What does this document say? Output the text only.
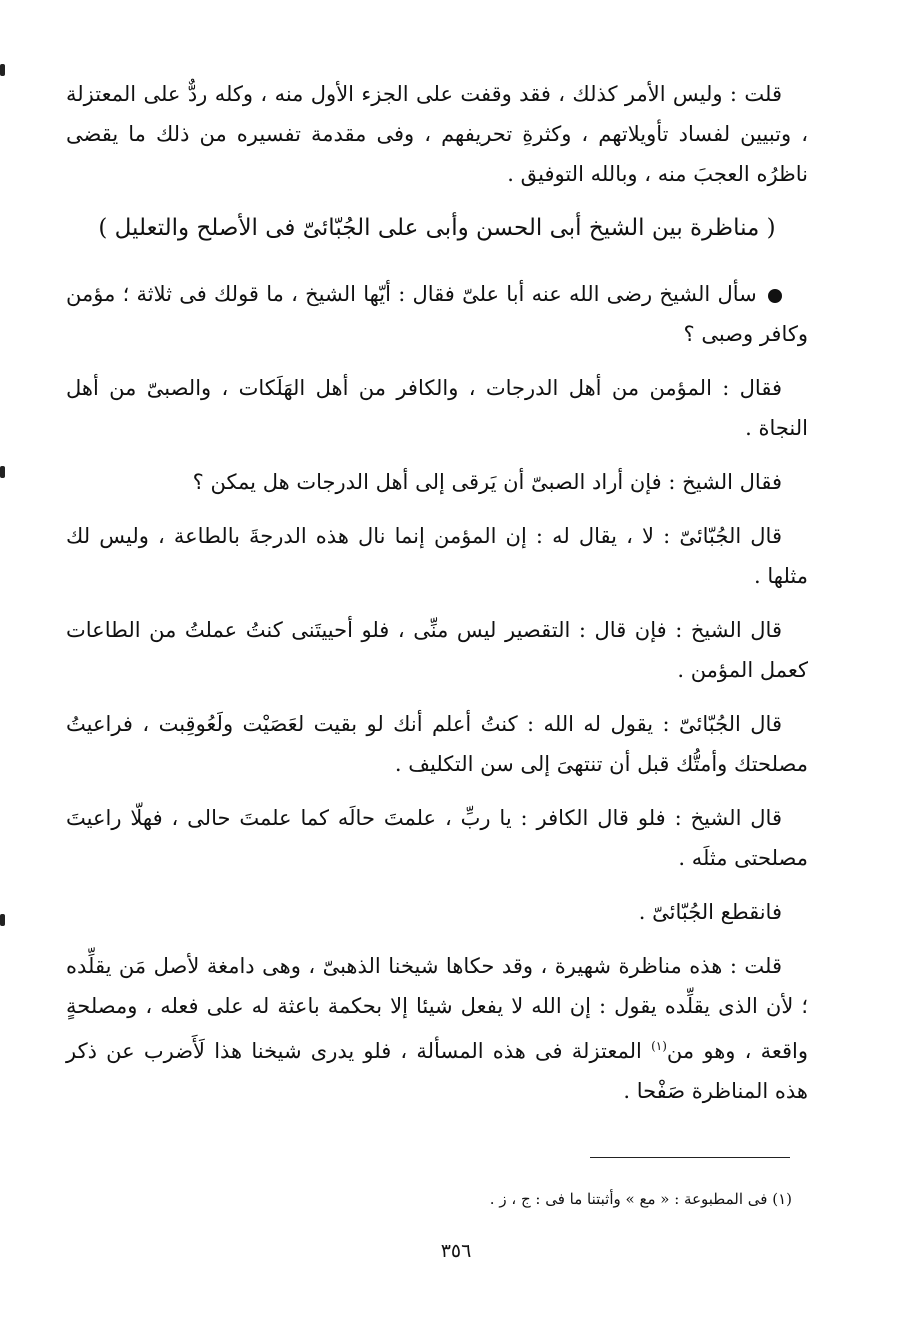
قلت : وليس الأمر كذلك ، فقد وقفت على الجزء الأول منه ، وكله ردٌّ على المعتزلة ، وتبيين لفساد تأويلاتهم ، وكثرةِ تحريفهم ، وفى مقدمة تفسيره من ذلك ما يقضى ناظرُه العجبَ منه ، وبالله التوفيق .

( مناظرة بين الشيخ أبى الحسن وأبى على الجُبّائىّ فى الأصلح والتعليل )

سأل الشيخ رضى الله عنه أبا علىّ فقال : أيّها الشيخ ، ما قولك فى ثلاثة ؛ مؤمن وكافر وصبى ؟

فقال : المؤمن من أهل الدرجات ، والكافر من أهل الهَلَكات ، والصبىّ من أهل النجاة .

فقال الشيخ : فإن أراد الصبىّ أن يَرقى إلى أهل الدرجات هل يمكن ؟

قال الجُبّائىّ : لا ، يقال له : إن المؤمن إنما نال هذه الدرجةَ بالطاعة ، وليس لك مثلها .

قال الشيخ : فإن قال : التقصير ليس منِّى ، فلو أحييتَنى كنتُ عملتُ من الطاعات كعمل المؤمن .

قال الجُبّائىّ : يقول له الله : كنتُ أعلم أنك لو بقيت لعَصَيْت ولَعُوقِبت ، فراعيتُ مصلحتك وأمتُّك قبل أن تنتهىَ إلى سن التكليف .

قال الشيخ : فلو قال الكافر : يا ربِّ ، علمتَ حالَه كما علمتَ حالى ، فهلّا راعيتَ مصلحتى مثلَه .

فانقطع الجُبّائىّ .

قلت : هذه مناظرة شهيرة ، وقد حكاها شيخنا الذهبىّ ، وهى دامغة لأصل مَن يقلِّده ؛ لأن الذى يقلِّده يقول : إن الله لا يفعل شيئا إلا بحكمة باعثة له على فعله ، ومصلحةٍ واقعة ، وهو من$^{(١)}$ المعتزلة فى هذه المسألة ، فلو يدرى شيخنا هذا لَأَضرب عن ذكر هذه المناظرة صَفْحا .

(١) فى المطبوعة : « مع » وأثبتنا ما فى : ج ، ز .

٣٥٦
